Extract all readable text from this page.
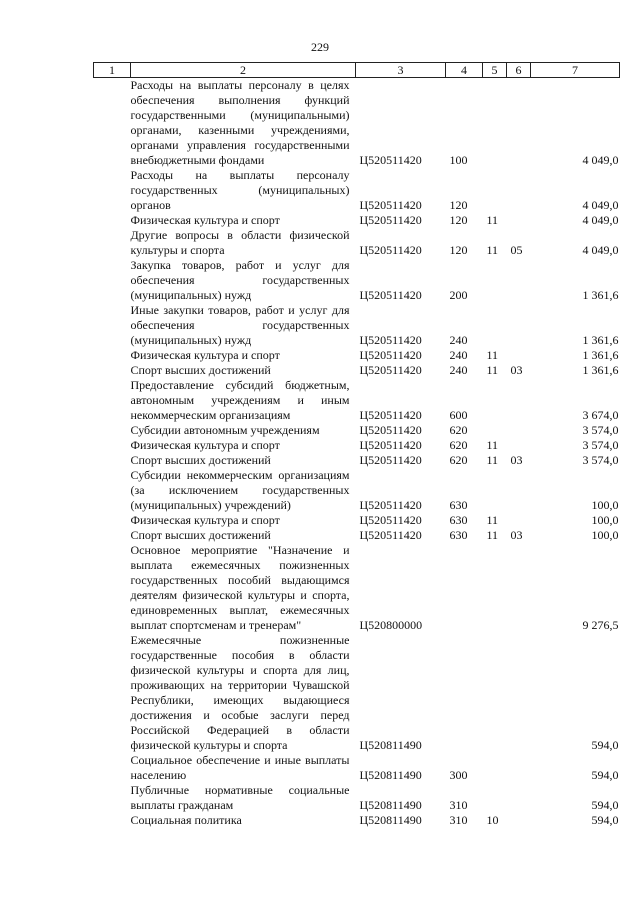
229
1	2	3	4	5	6	7
	Расходы на выплаты персоналу в целях обеспечения выполнения функций государственными (муниципальными) органами, казенными учреждениями, органами управления государственными внебюджетными фондами	Ц520511420	100			4 049,0
	Расходы на выплаты персоналу государственных (муниципальных) органов	Ц520511420	120			4 049,0
	Физическая культура и спорт	Ц520511420	120	11		4 049,0
	Другие вопросы в области физической культуры и спорта	Ц520511420	120	11	05	4 049,0
	Закупка товаров, работ и услуг для обеспечения государственных (муниципальных) нужд	Ц520511420	200			1 361,6
	Иные закупки товаров, работ и услуг для обеспечения государственных (муниципальных) нужд	Ц520511420	240			1 361,6
	Физическая культура и спорт	Ц520511420	240	11		1 361,6
	Спорт высших достижений	Ц520511420	240	11	03	1 361,6
	Предоставление субсидий бюджетным, автономным учреждениям и иным некоммерческим организациям	Ц520511420	600			3 674,0
	Субсидии автономным учреждениям	Ц520511420	620			3 574,0
	Физическая культура и спорт	Ц520511420	620	11		3 574,0
	Спорт высших достижений	Ц520511420	620	11	03	3 574,0
	Субсидии некоммерческим организациям (за исключением государственных (муниципальных) учреждений)	Ц520511420	630			100,0
	Физическая культура и спорт	Ц520511420	630	11		100,0
	Спорт высших достижений	Ц520511420	630	11	03	100,0
	Основное мероприятие "Назначение и выплата ежемесячных пожизненных государственных пособий выдающимся деятелям физической культуры и спорта, единовременных выплат, ежемесячных выплат спортсменам и тренерам"	Ц520800000				9 276,5
	Ежемесячные пожизненные государственные пособия в области физической культуры и спорта для лиц, проживающих на территории Чувашской Республики, имеющих выдающиеся достижения и особые заслуги перед Российской Федерацией в области физической культуры и спорта	Ц520811490				594,0
	Социальное обеспечение и иные выплаты населению	Ц520811490	300			594,0
	Публичные нормативные социальные выплаты гражданам	Ц520811490	310			594,0
	Социальная политика	Ц520811490	310	10		594,0
